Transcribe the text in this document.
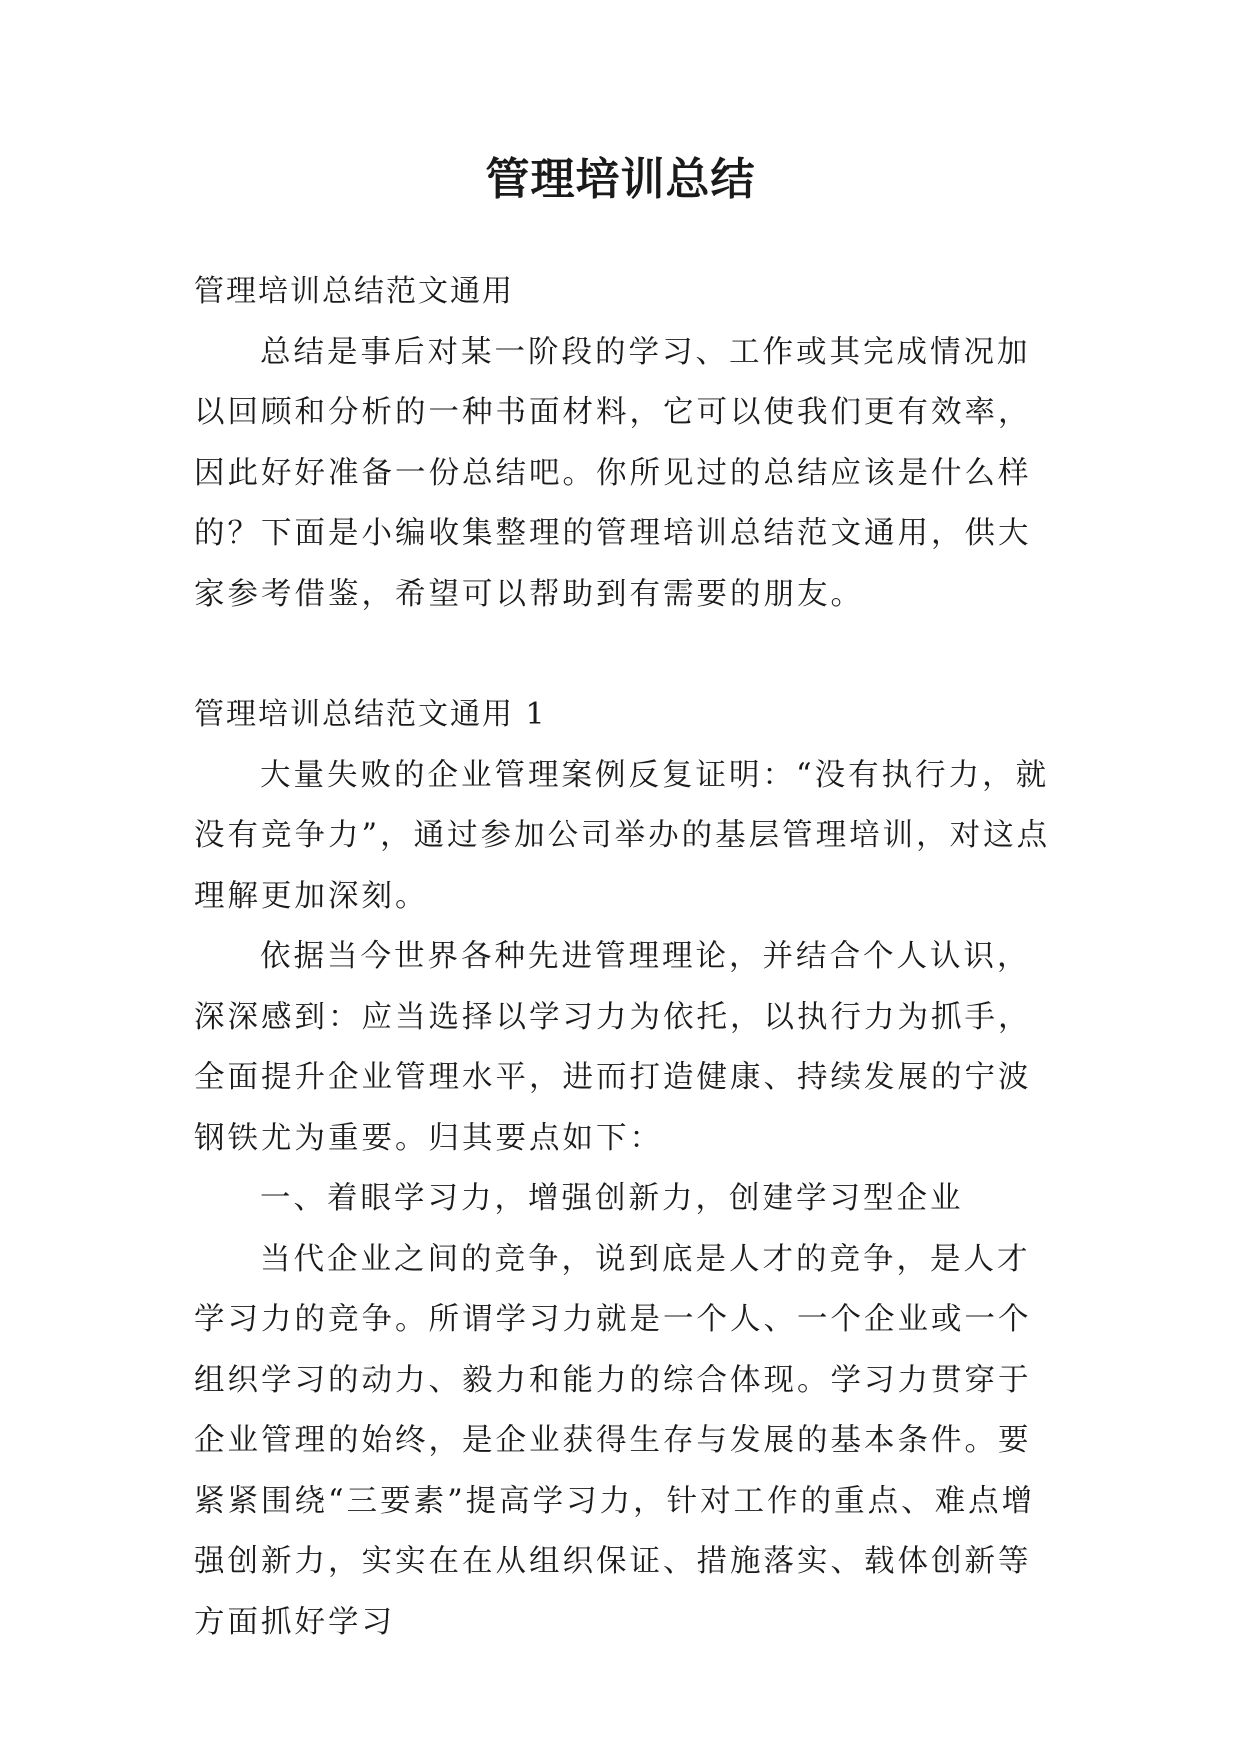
管理培训总结

管理培训总结范文通用

总结是事后对某一阶段的学习、工作或其完成情况加以回顾和分析的一种书面材料，它可以使我们更有效率，因此好好准备一份总结吧。你所见过的总结应该是什么样的？下面是小编收集整理的管理培训总结范文通用，供大家参考借鉴，希望可以帮助到有需要的朋友。

管理培训总结范文通用 1

大量失败的企业管理案例反复证明：“没有执行力，就没有竞争力”，通过参加公司举办的基层管理培训，对这点理解更加深刻。

依据当今世界各种先进管理理论，并结合个人认识，深深感到：应当选择以学习力为依托，以执行力为抓手，全面提升企业管理水平，进而打造健康、持续发展的宁波钢铁尤为重要。归其要点如下：

一、着眼学习力，增强创新力，创建学习型企业

当代企业之间的竞争，说到底是人才的竞争，是人才学习力的竞争。所谓学习力就是一个人、一个企业或一个组织学习的动力、毅力和能力的综合体现。学习力贯穿于企业管理的始终，是企业获得生存与发展的基本条件。要紧紧围绕“三要素”提高学习力，针对工作的重点、难点增强创新力，实实在在从组织保证、措施落实、载体创新等方面抓好学习
